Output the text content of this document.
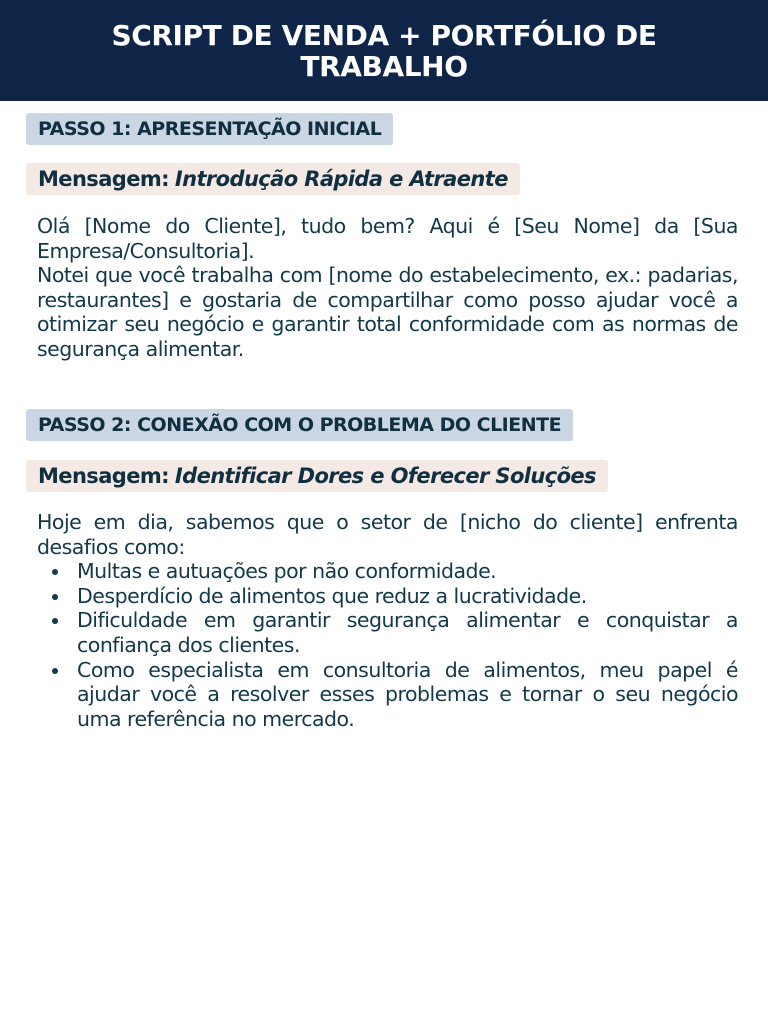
SCRIPT DE VENDA + PORTFÓLIO DE TRABALHO
PASSO 1: APRESENTAÇÃO INICIAL
Mensagem: Introdução Rápida e Atraente

Olá [Nome do Cliente], tudo bem? Aqui é [Seu Nome] da [Sua Empresa/Consultoria].

Notei que você trabalha com [nome do estabelecimento, ex.: padarias, restaurantes] e gostaria de compartilhar como posso ajudar você a otimizar seu negócio e garantir total conformidade com as normas de segurança alimentar.

PASSO 2: CONEXÃO COM O PROBLEMA DO CLIENTE
Mensagem: Identificar Dores e Oferecer Soluções

Hoje em dia, sabemos que o setor de [nicho do cliente] enfrenta desafios como:

Multas e autuações por não conformidade.
Desperdício de alimentos que reduz a lucratividade.
Dificuldade em garantir segurança alimentar e conquistar a confiança dos clientes.
Como especialista em consultoria de alimentos, meu papel é ajudar você a resolver esses problemas e tornar o seu negócio uma referência no mercado.
